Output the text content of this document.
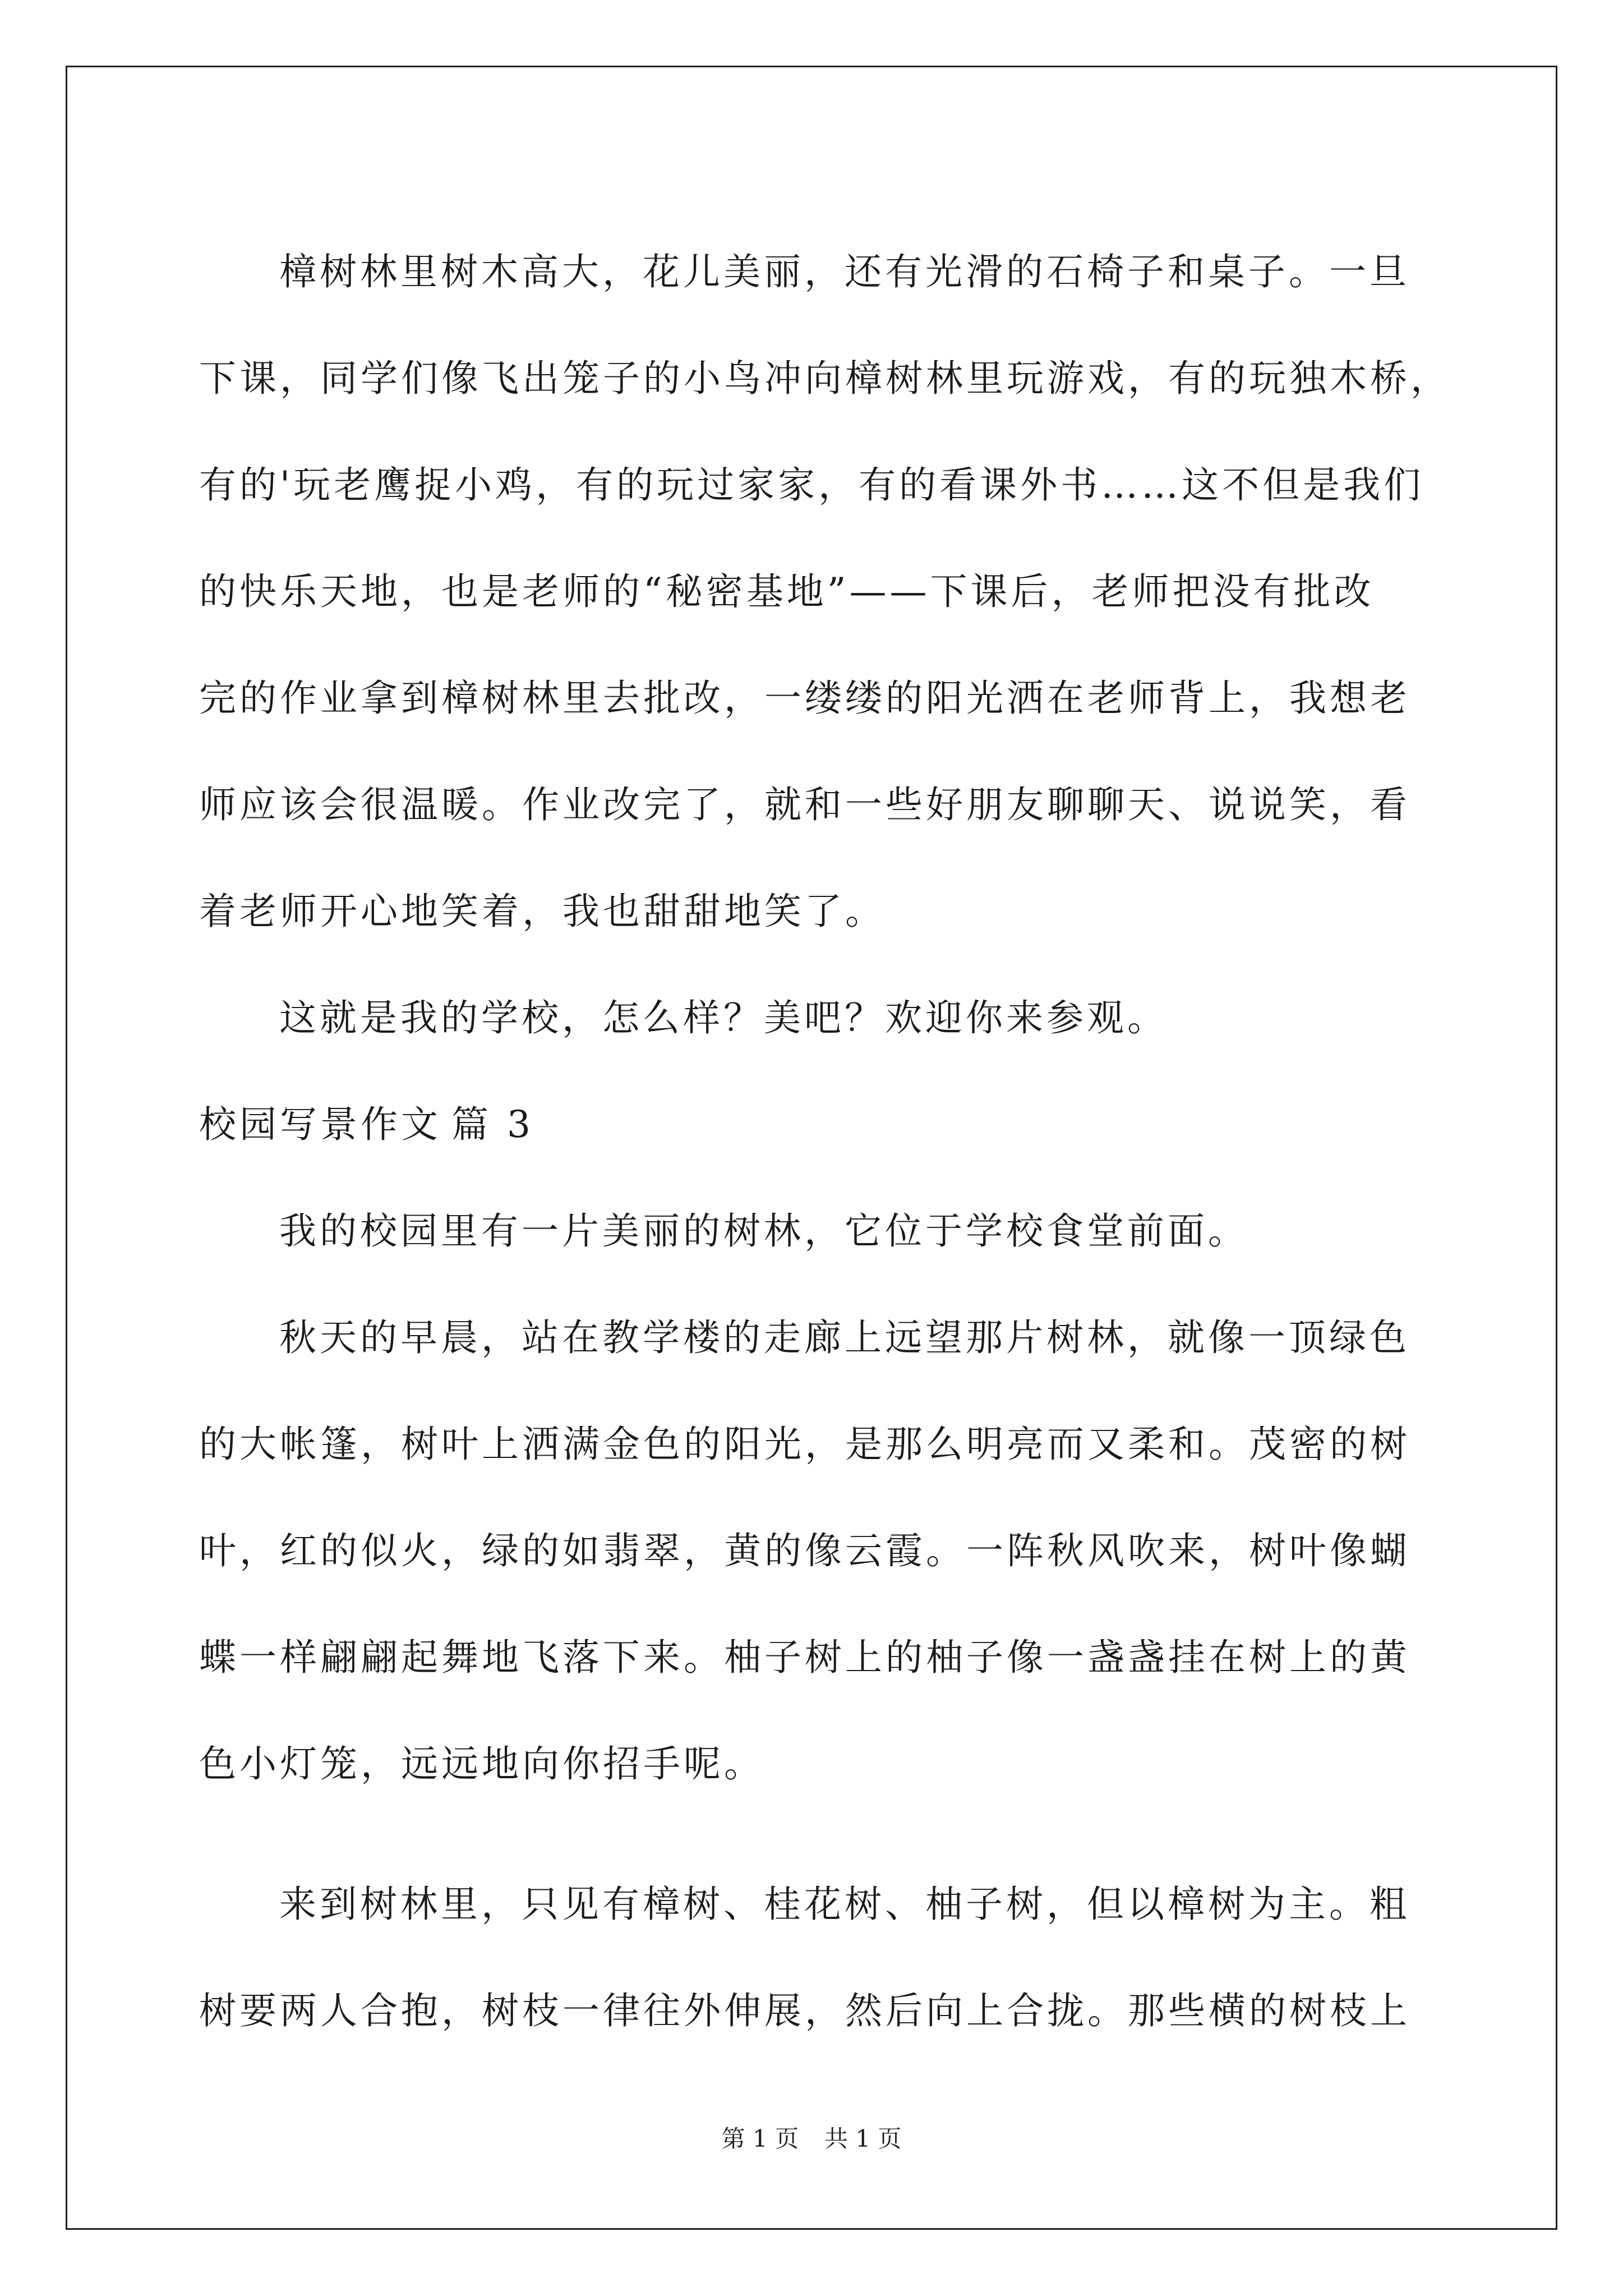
樟树林里树木高大，花儿美丽，还有光滑的石椅子和桌子。一旦
下课，同学们像飞出笼子的小鸟冲向樟树林里玩游戏，有的玩独木桥，
有的'玩老鹰捉小鸡，有的玩过家家，有的看课外书……这不但是我们
的快乐天地，也是老师的“秘密基地”——下课后，老师把没有批改
完的作业拿到樟树林里去批改，一缕缕的阳光洒在老师背上，我想老
师应该会很温暖。作业改完了，就和一些好朋友聊聊天、说说笑，看
着老师开心地笑着，我也甜甜地笑了。
这就是我的学校，怎么样？美吧？欢迎你来参观。
校园写景作文 篇 3
我的校园里有一片美丽的树林，它位于学校食堂前面。
秋天的早晨，站在教学楼的走廊上远望那片树林，就像一顶绿色
的大帐篷，树叶上洒满金色的阳光，是那么明亮而又柔和。茂密的树
叶，红的似火，绿的如翡翠，黄的像云霞。一阵秋风吹来，树叶像蝴
蝶一样翩翩起舞地飞落下来。柚子树上的柚子像一盏盏挂在树上的黄
色小灯笼，远远地向你招手呢。
来到树林里，只见有樟树、桂花树、柚子树，但以樟树为主。粗
树要两人合抱，树枝一律往外伸展，然后向上合拢。那些横的树枝上
第 1 页 共 1 页
